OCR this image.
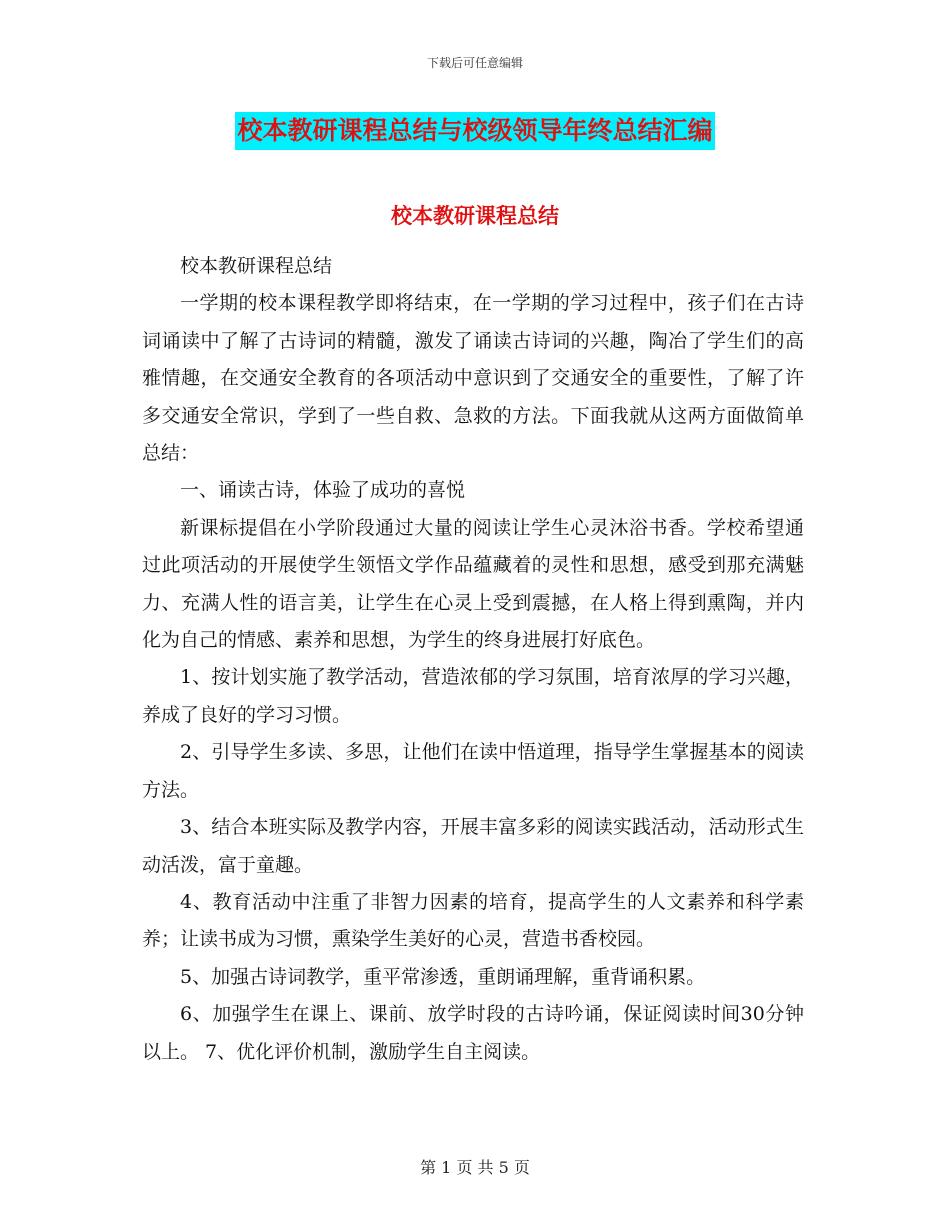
下载后可任意编辑
校本教研课程总结与校级领导年终总结汇编
校本教研课程总结

校本教研课程总结

一学期的校本课程教学即将结束，在一学期的学习过程中，孩子们在古诗词诵读中了解了古诗词的精髓，激发了诵读古诗词的兴趣，陶冶了学生们的高雅情趣，在交通安全教育的各项活动中意识到了交通安全的重要性，了解了许多交通安全常识，学到了一些自救、急救的方法。下面我就从这两方面做简单总结：

一、诵读古诗，体验了成功的喜悦

新课标提倡在小学阶段通过大量的阅读让学生心灵沐浴书香。学校希望通过此项活动的开展使学生领悟文学作品蕴藏着的灵性和思想，感受到那充满魅力、充满人性的语言美，让学生在心灵上受到震撼，在人格上得到熏陶，并内化为自己的情感、素养和思想，为学生的终身进展打好底色。

1、按计划实施了教学活动，营造浓郁的学习氛围，培育浓厚的学习兴趣，养成了良好的学习习惯。

2、引导学生多读、多思，让他们在读中悟道理，指导学生掌握基本的阅读方法。

3、结合本班实际及教学内容，开展丰富多彩的阅读实践活动，活动形式生动活泼，富于童趣。

4、教育活动中注重了非智力因素的培育，提高学生的人文素养和科学素养；让读书成为习惯，熏染学生美好的心灵，营造书香校园。

5、加强古诗词教学，重平常渗透，重朗诵理解，重背诵积累。

6、加强学生在课上、课前、放学时段的古诗吟诵，保证阅读时间30分钟以上。 7、优化评价机制，激励学生自主阅读。

第 1 页 共 5 页
